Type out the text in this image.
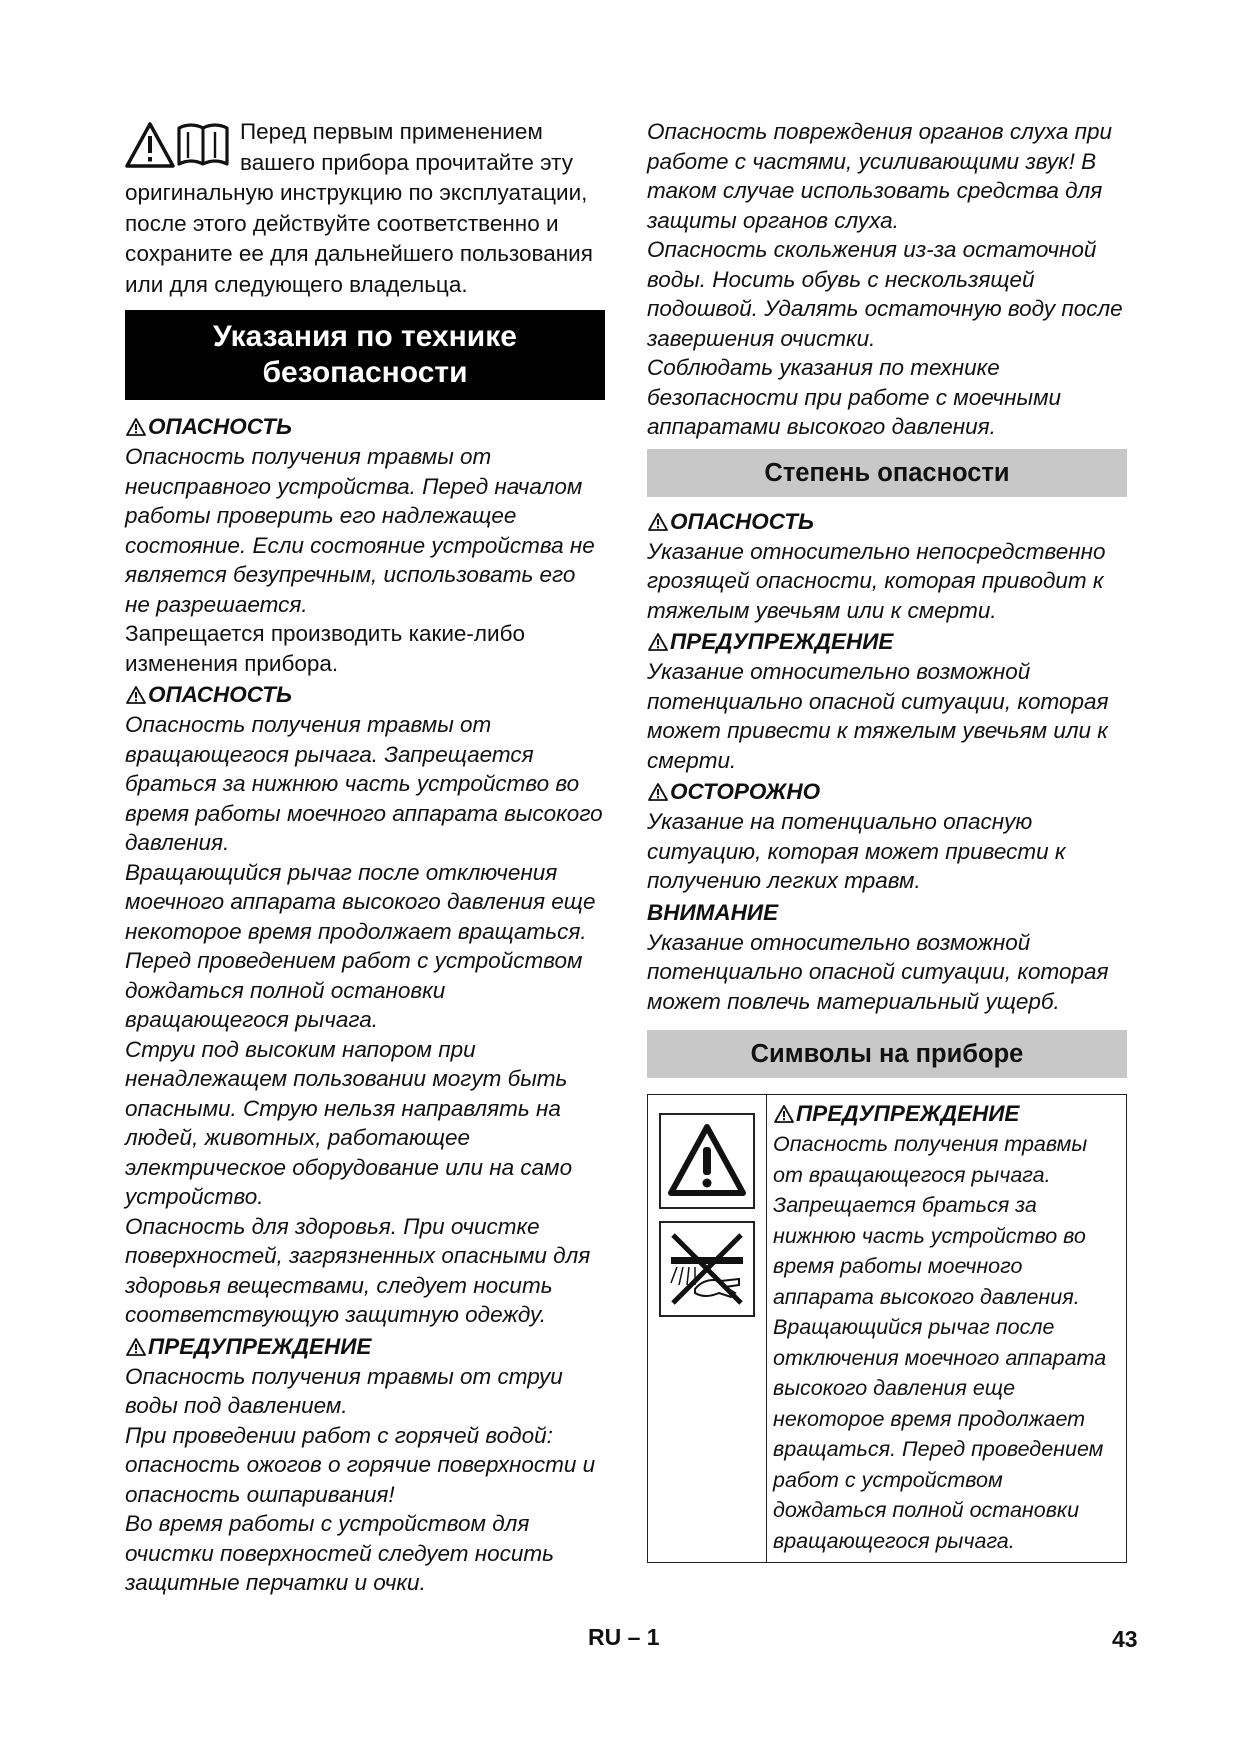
Перед первым применением вашего прибора прочитайте эту оригинальную инструкцию по эксплуатации, после этого действуйте соответственно и сохраните ее для дальнейшего пользования или для следующего владельца.
Указания по технике безопасности
ОПАСНОСТЬ

Опасность получения травмы от неисправного устройства. Перед началом работы проверить его надлежащее состояние. Если состояние устройства не является безупречным, использовать его не разрешается.

Запрещается производить какие-либо изменения прибора.

ОПАСНОСТЬ

Опасность получения травмы от вращающегося рычага. Запрещается браться за нижнюю часть устройство во время работы моечного аппарата высокого давления.

Вращающийся рычаг после отключения моечного аппарата высокого давления еще некоторое время продолжает вращаться. Перед проведением работ с устройством дождаться полной остановки вращающегося рычага.

Струи под высоким напором при ненадлежащем пользовании могут быть опасными. Струю нельзя направлять на людей, животных, работающее электрическое оборудование или на само устройство.

Опасность для здоровья. При очистке поверхностей, загрязненных опасными для здоровья веществами, следует носить соответствующую защитную одежду.

ПРЕДУПРЕЖДЕНИЕ

Опасность получения травмы от струи воды под давлением.

При проведении работ с горячей водой: опасность ожогов о горячие поверхности и опасность ошпаривания!

Во время работы с устройством для очистки поверхностей следует носить защитные перчатки и очки.

Опасность повреждения органов слуха при работе с частями, усиливающими звук! В таком случае использовать средства для защиты органов слуха.

Опасность скольжения из-за остаточной воды. Носить обувь с нескользящей подошвой. Удалять остаточную воду после завершения очистки.

Соблюдать указания по технике безопасности при работе с моечными аппаратами высокого давления.

Степень опасности
ОПАСНОСТЬ

Указание относительно непосредственно грозящей опасности, которая приводит к тяжелым увечьям или к смерти.

ПРЕДУПРЕЖДЕНИЕ

Указание относительно возможной потенциально опасной ситуации, которая может привести к тяжелым увечьям или к смерти.

ОСТОРОЖНО

Указание на потенциально опасную ситуацию, которая может привести к получению легких травм.

ВНИМАНИЕ

Указание относительно возможной потенциально опасной ситуации, которая может повлечь материальный ущерб.

Символы на приборе
ПРЕДУПРЕЖДЕНИЕ

Опасность получения травмы от вращающегося рычага. Запрещается браться за нижнюю часть устройство во время работы моечного аппарата высокого давления.

Вращающийся рычаг после отключения моечного аппарата высокого давления еще некоторое время продолжает вращаться. Перед проведением работ с устройством дождаться полной остановки вращающегося рычага.

RU – 1	43
